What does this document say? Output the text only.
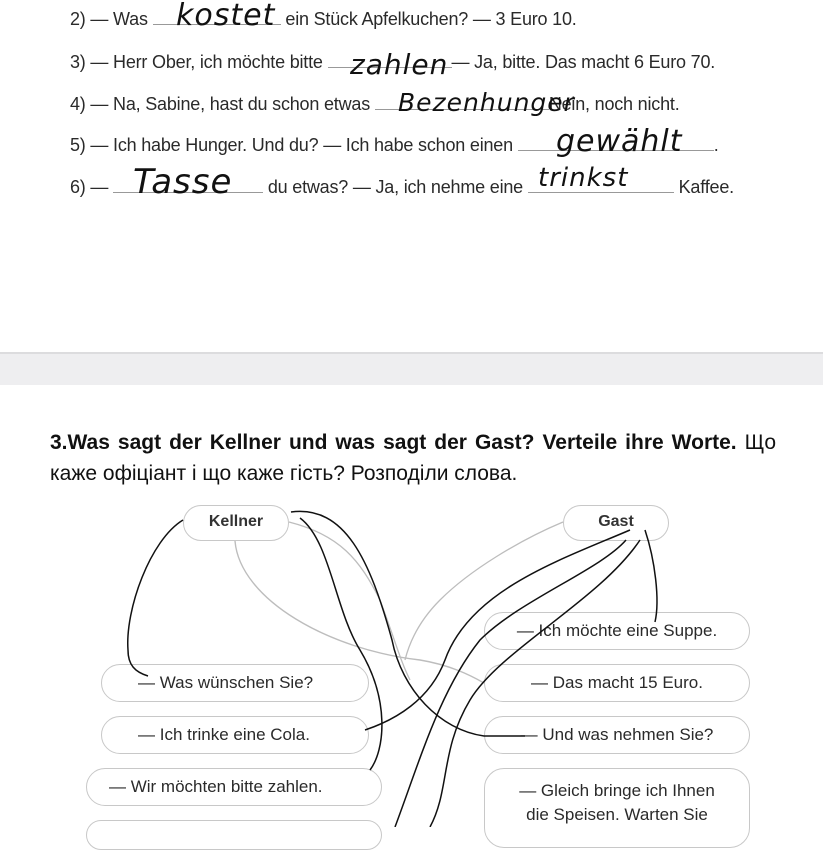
2) — Was	ein Stück Apfelkuchen? — 3 Euro 10.
3) — Herr Ober, ich möchte bitte	— Ja, bitte. Das macht 6 Euro 70.
4) — Na, Sabine, hast du schon etwas	Nein, noch nicht.
5) — Ich habe Hunger. Und du? — Ich habe schon einen	.
6) —	du etwas? — Ja, ich nehme eine	Kaffee.
kostet
zahlen
Bezenhunger
gewählt
Tasse	trinkst
3.Was sagt der Kellner und was sagt der Gast? Verteile ihre Worte. Що каже офіціант і що каже гість? Розподіли слова.
Kellner	Gast
— Was wünschen Sie?
— Ich trinke eine Cola.
— Wir möchten bitte zahlen.
— Ich möchte eine Suppe.
— Das macht 15 Euro.
— Und was nehmen Sie?
— Gleich bringe ich Ihnen
die Speisen. Warten Sie
